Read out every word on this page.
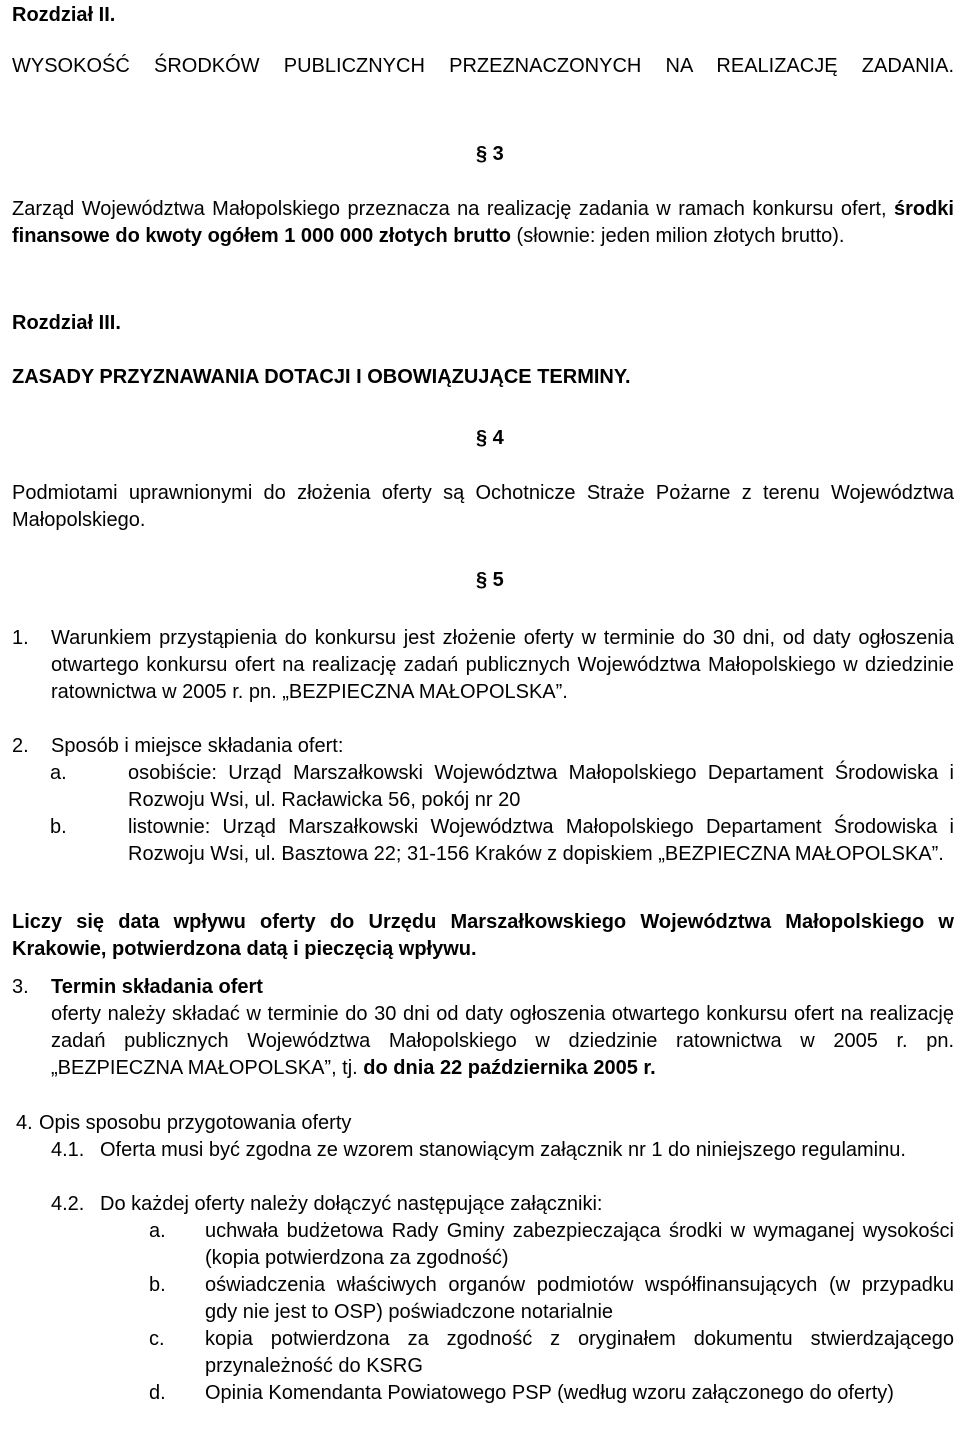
Rozdział II.

WYSOKOŚĆ ŚRODKÓW PUBLICZNYCH PRZEZNACZONYCH NA REALIZACJĘ ZADANIA.

§ 3

Zarząd Województwa Małopolskiego przeznacza na realizację zadania w ramach konkursu ofert, środki finansowe do kwoty ogółem 1 000 000 złotych brutto (słownie: jeden milion złotych brutto).

Rozdział III.

ZASADY PRZYZNAWANIA DOTACJI I OBOWIĄZUJĄCE TERMINY.

§ 4

Podmiotami uprawnionymi do złożenia oferty są Ochotnicze Straże Pożarne z terenu Województwa Małopolskiego.

§ 5

1. Warunkiem przystąpienia do konkursu jest złożenie oferty w terminie do 30 dni, od daty ogłoszenia otwartego konkursu ofert na realizację zadań publicznych Województwa Małopolskiego w dziedzinie ratownictwa w 2005 r. pn. „BEZPIECZNA MAŁOPOLSKA”.

2. Sposób i miejsce składania ofert:

a.	osobiście: Urząd Marszałkowski Województwa Małopolskiego Departament Środowiska i Rozwoju Wsi, ul. Racławicka 56, pokój nr 20

b.	listownie: Urząd Marszałkowski Województwa Małopolskiego Departament Środowiska i Rozwoju Wsi, ul. Basztowa 22; 31-156 Kraków z dopiskiem „BEZPIECZNA MAŁOPOLSKA”.

Liczy się data wpływu oferty do Urzędu Marszałkowskiego Województwa Małopolskiego w Krakowie, potwierdzona datą i pieczęcią wpływu.

3. Termin składania ofert

oferty należy składać w terminie do 30 dni od daty ogłoszenia otwartego konkursu ofert na realizację zadań publicznych Województwa Małopolskiego w dziedzinie ratownictwa w 2005 r. pn. „BEZPIECZNA MAŁOPOLSKA”, tj. do dnia 22 października 2005 r.

4. Opis sposobu przygotowania oferty

4.1. Oferta musi być zgodna ze wzorem stanowiącym załącznik nr 1 do niniejszego regulaminu.

4.2. Do każdej oferty należy dołączyć następujące załączniki:

a. uchwała budżetowa Rady Gminy zabezpieczająca środki w wymaganej wysokości (kopia potwierdzona za zgodność)

b. oświadczenia właściwych organów podmiotów współfinansujących (w przypadku gdy nie jest to OSP) poświadczone notarialnie

c. kopia potwierdzona za zgodność z oryginałem dokumentu stwierdzającego przynależność do KSRG

d. Opinia Komendanta Powiatowego PSP (według wzoru załączonego do oferty)
